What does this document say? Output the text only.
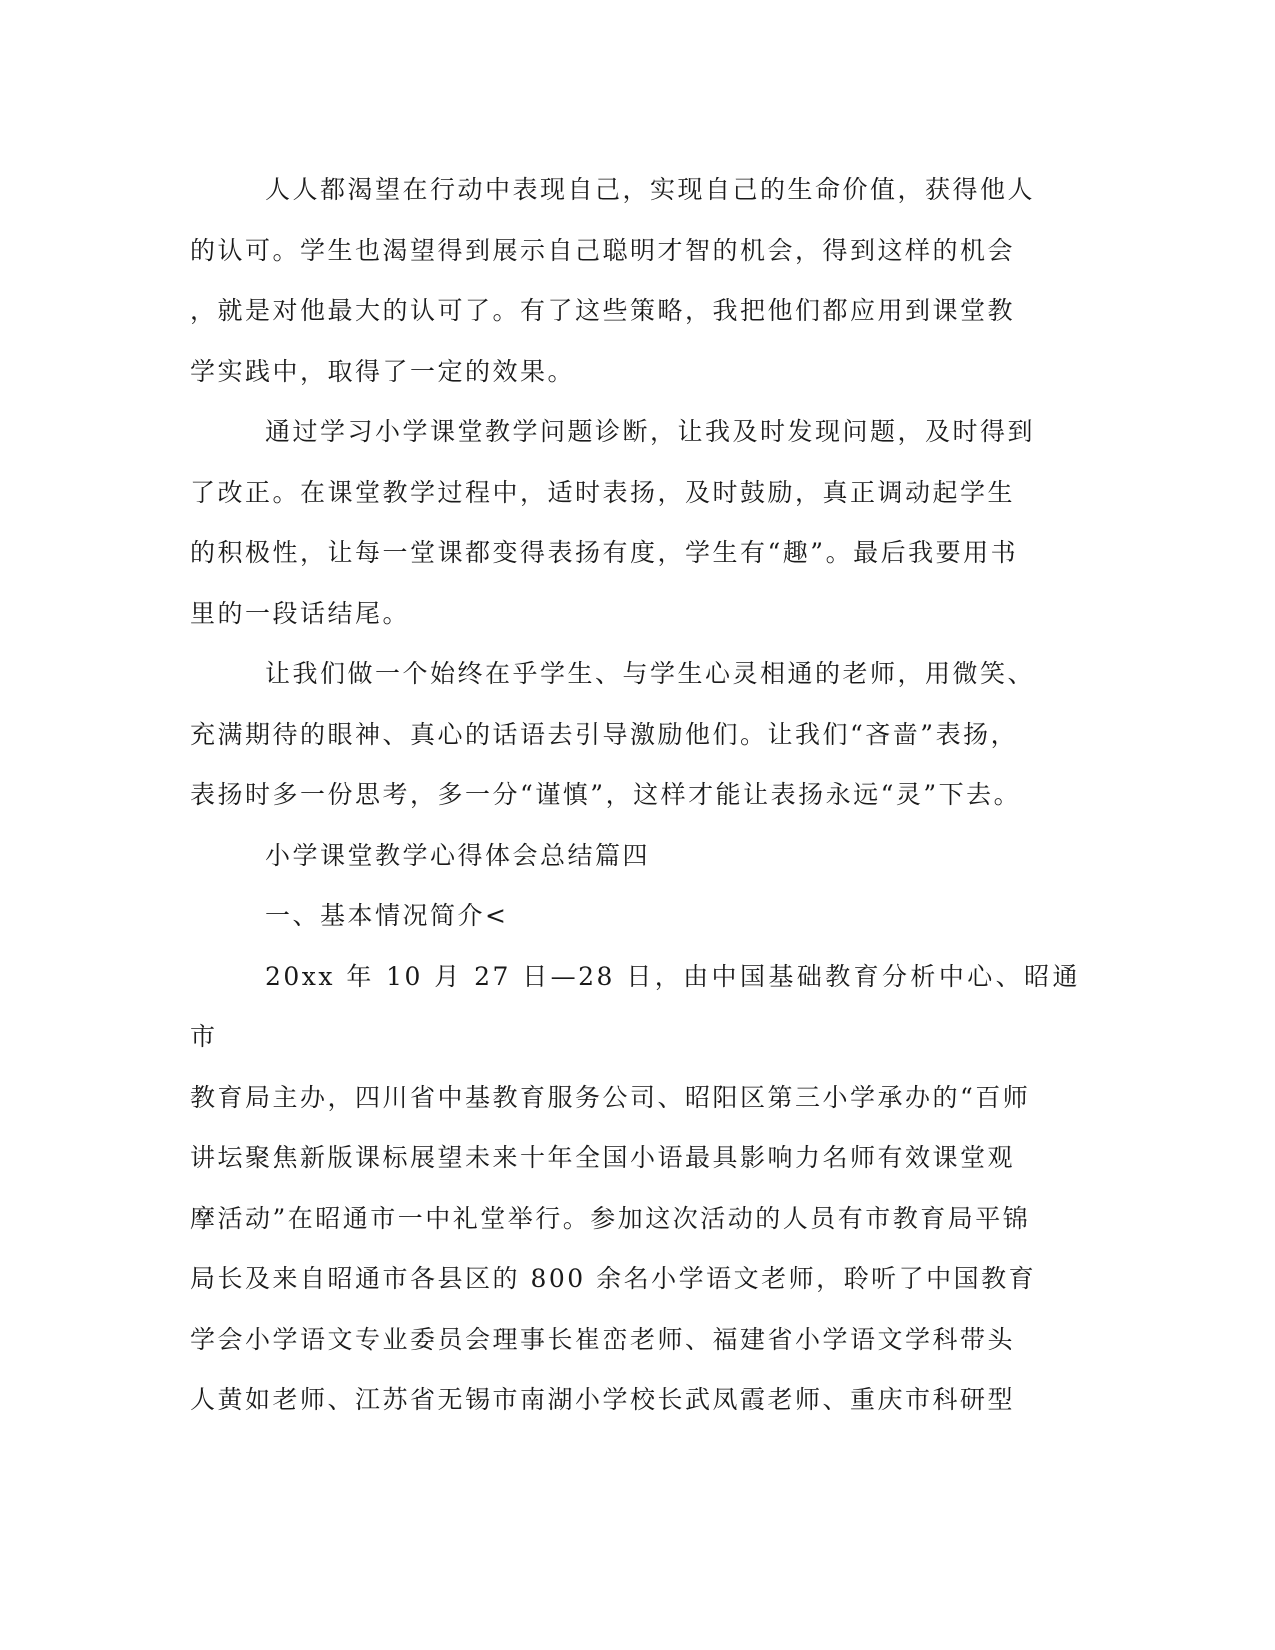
人人都渴望在行动中表现自己，实现自己的生命价值，获得他人
的认可。学生也渴望得到展示自己聪明才智的机会，得到这样的机会
，就是对他最大的认可了。有了这些策略，我把他们都应用到课堂教
学实践中，取得了一定的效果。

通过学习小学课堂教学问题诊断，让我及时发现问题，及时得到
了改正。在课堂教学过程中，适时表扬，及时鼓励，真正调动起学生
的积极性，让每一堂课都变得表扬有度，学生有“趣”。最后我要用书
里的一段话结尾。

让我们做一个始终在乎学生、与学生心灵相通的老师，用微笑、
充满期待的眼神、真心的话语去引导激励他们。让我们“吝啬”表扬，
表扬时多一份思考，多一分“谨慎”，这样才能让表扬永远“灵”下去。

小学课堂教学心得体会总结篇四

一、基本情况简介<

20xx 年 10 月 27 日—28 日，由中国基础教育分析中心、昭通市
教育局主办，四川省中基教育服务公司、昭阳区第三小学承办的“百师
讲坛聚焦新版课标展望未来十年全国小语最具影响力名师有效课堂观
摩活动”在昭通市一中礼堂举行。参加这次活动的人员有市教育局平锦
局长及来自昭通市各县区的 800 余名小学语文老师，聆听了中国教育
学会小学语文专业委员会理事长崔峦老师、福建省小学语文学科带头
人黄如老师、江苏省无锡市南湖小学校长武凤霞老师、重庆市科研型
